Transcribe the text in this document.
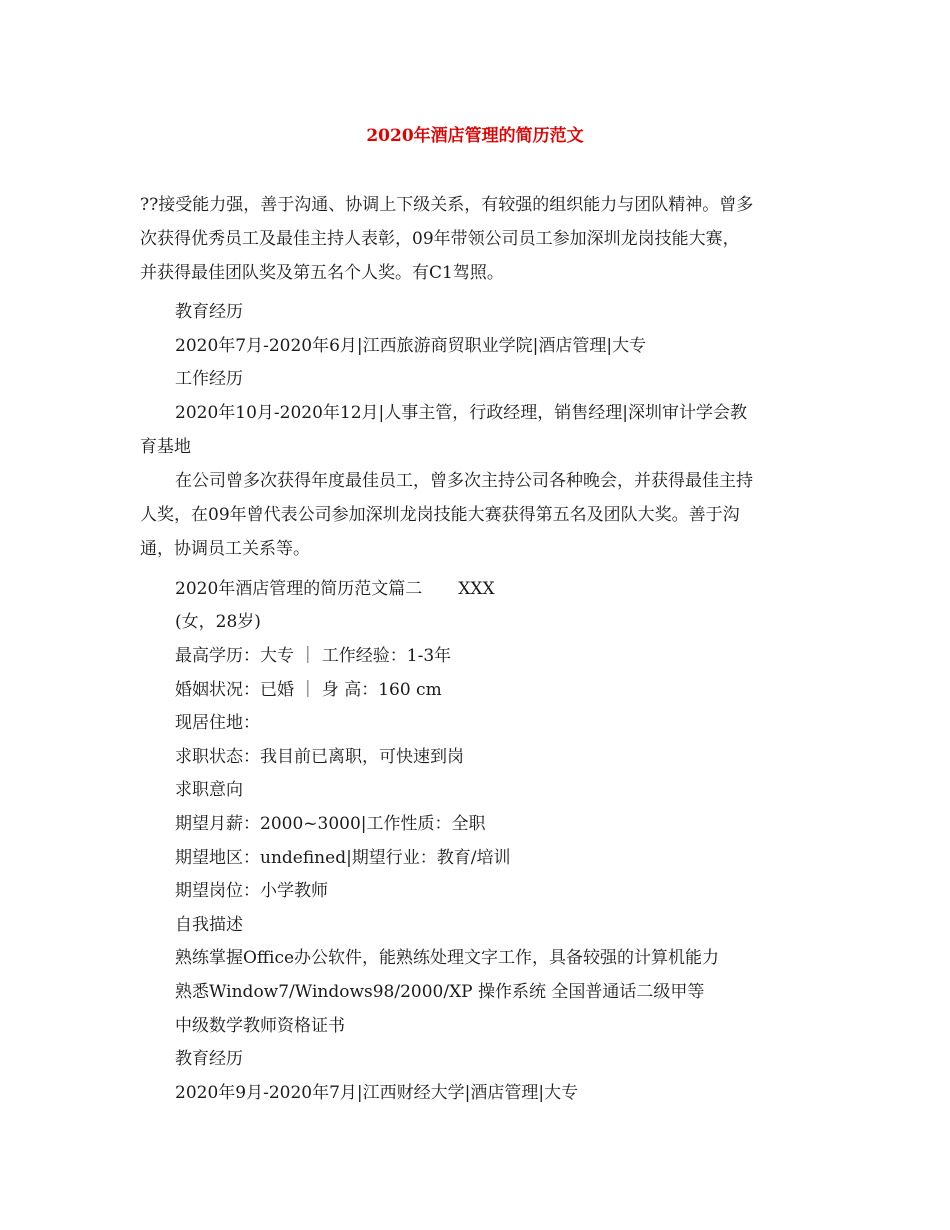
2020年酒店管理的简历范文
??接受能力强，善于沟通、协调上下级关系，有较强的组织能力与团队精神。曾多
次获得优秀员工及最佳主持人表彰，09年带领公司员工参加深圳龙岗技能大赛，
并获得最佳团队奖及第五名个人奖。有C1驾照。
教育经历
2020年7月-2020年6月|江西旅游商贸职业学院|酒店管理|大专
工作经历
2020年10月-2020年12月|人事主管，行政经理，销售经理|深圳审计学会教
育基地
在公司曾多次获得年度最佳员工，曾多次主持公司各种晚会，并获得最佳主持
人奖，在09年曾代表公司参加深圳龙岗技能大赛获得第五名及团队大奖。善于沟
通，协调员工关系等。
2020年酒店管理的简历范文篇二 XXX
(女，28岁)
最高学历：大专 ｜ 工作经验：1-3年
婚姻状况：已婚 ｜ 身 高：160 cm
现居住地：
求职状态：我目前已离职，可快速到岗
求职意向
期望月薪：2000~3000|工作性质：全职
期望地区：undefined|期望行业：教育/培训
期望岗位：小学教师
自我描述
熟练掌握Office办公软件，能熟练处理文字工作，具备较强的计算机能力
熟悉Window7/Windows98/2000/XP 操作系统 全国普通话二级甲等
中级数学教师资格证书
教育经历
2020年9月-2020年7月|江西财经大学|酒店管理|大专
